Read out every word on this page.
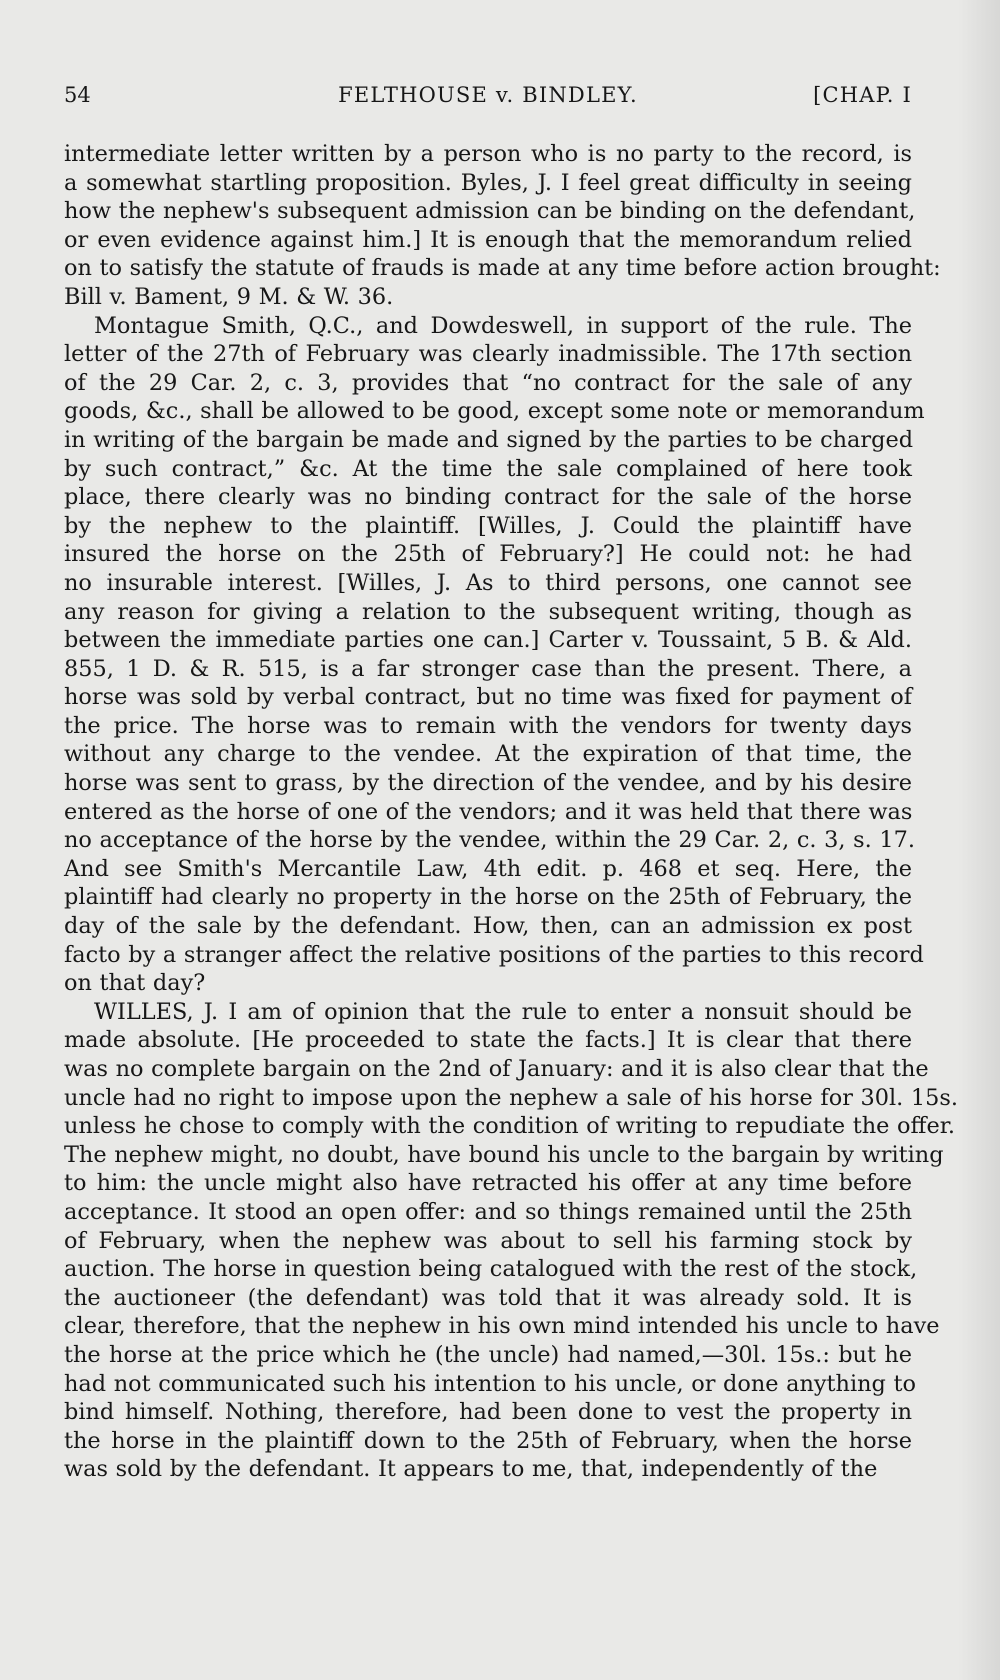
54	FELTHOUSE v. BINDLEY.	[CHAP. I
intermediate letter written by a person who is no party to the record, is
a somewhat startling proposition. Byles, J. I feel great difficulty in seeing
how the nephew's subsequent admission can be binding on the defendant,
or even evidence against him.] It is enough that the memorandum relied
on to satisfy the statute of frauds is made at any time before action brought:
Bill v. Bament, 9 M. & W. 36.
Montague Smith, Q.C., and Dowdeswell, in support of the rule. The
letter of the 27th of February was clearly inadmissible. The 17th section
of the 29 Car. 2, c. 3, provides that “no contract for the sale of any
goods, &c., shall be allowed to be good, except some note or memorandum
in writing of the bargain be made and signed by the parties to be charged
by such contract,” &c. At the time the sale complained of here took
place, there clearly was no binding contract for the sale of the horse
by the nephew to the plaintiff. [Willes, J. Could the plaintiff have
insured the horse on the 25th of February?] He could not: he had
no insurable interest. [Willes, J. As to third persons, one cannot see
any reason for giving a relation to the subsequent writing, though as
between the immediate parties one can.] Carter v. Toussaint, 5 B. & Ald.
855, 1 D. & R. 515, is a far stronger case than the present. There, a
horse was sold by verbal contract, but no time was fixed for payment of
the price. The horse was to remain with the vendors for twenty days
without any charge to the vendee. At the expiration of that time, the
horse was sent to grass, by the direction of the vendee, and by his desire
entered as the horse of one of the vendors; and it was held that there was
no acceptance of the horse by the vendee, within the 29 Car. 2, c. 3, s. 17.
And see Smith's Mercantile Law, 4th edit. p. 468 et seq. Here, the
plaintiff had clearly no property in the horse on the 25th of February, the
day of the sale by the defendant. How, then, can an admission ex post
facto by a stranger affect the relative positions of the parties to this record
on that day?
WILLES, J. I am of opinion that the rule to enter a nonsuit should be
made absolute. [He proceeded to state the facts.] It is clear that there
was no complete bargain on the 2nd of January: and it is also clear that the
uncle had no right to impose upon the nephew a sale of his horse for 30l. 15s.
unless he chose to comply with the condition of writing to repudiate the offer.
The nephew might, no doubt, have bound his uncle to the bargain by writing
to him: the uncle might also have retracted his offer at any time before
acceptance. It stood an open offer: and so things remained until the 25th
of February, when the nephew was about to sell his farming stock by
auction. The horse in question being catalogued with the rest of the stock,
the auctioneer (the defendant) was told that it was already sold. It is
clear, therefore, that the nephew in his own mind intended his uncle to have
the horse at the price which he (the uncle) had named,—30l. 15s.: but he
had not communicated such his intention to his uncle, or done anything to
bind himself. Nothing, therefore, had been done to vest the property in
the horse in the plaintiff down to the 25th of February, when the horse
was sold by the defendant. It appears to me, that, independently of the
